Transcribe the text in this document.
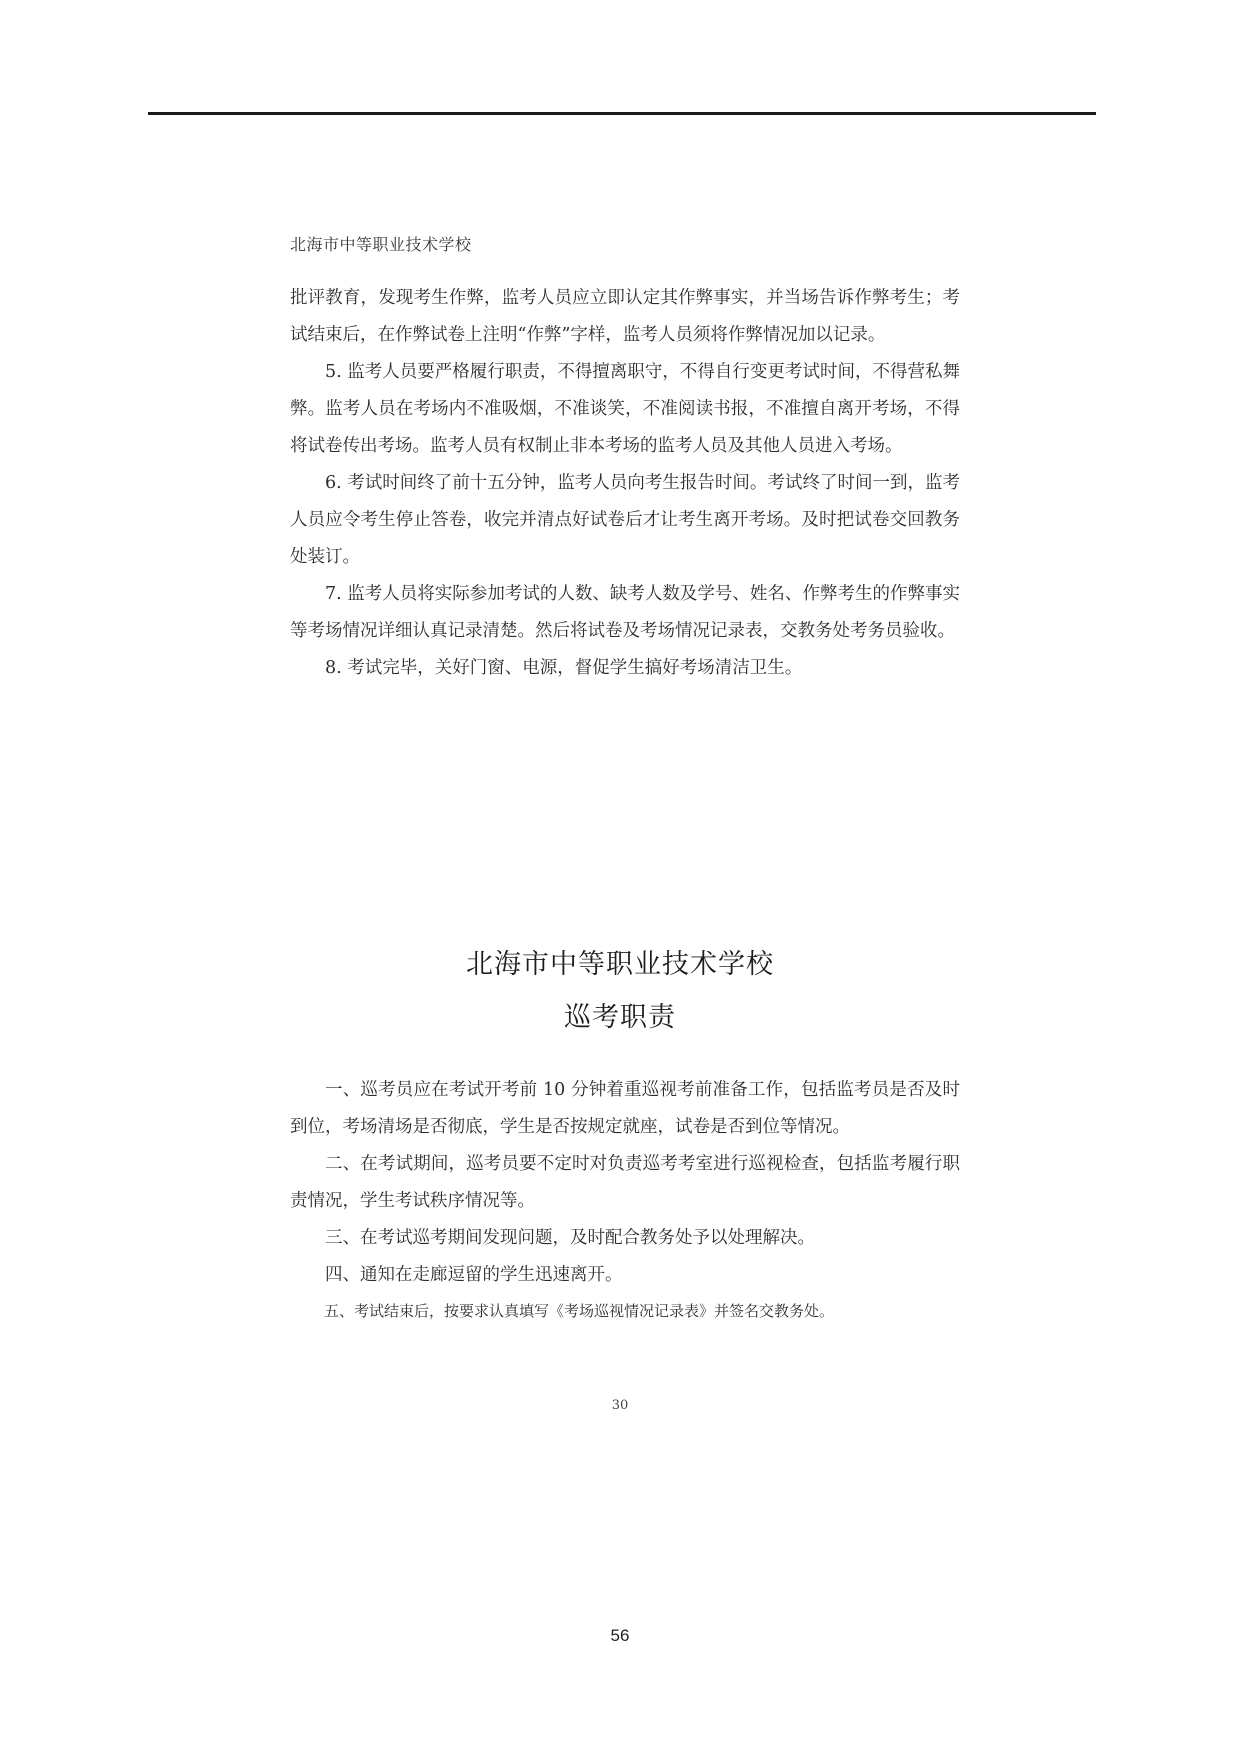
北海市中等职业技术学校

批评教育，发现考生作弊，监考人员应立即认定其作弊事实，并当场告诉作弊考生；考试结束后，在作弊试卷上注明“作弊”字样，监考人员须将作弊情况加以记录。

5. 监考人员要严格履行职责，不得擅离职守，不得自行变更考试时间，不得营私舞弊。监考人员在考场内不准吸烟，不准谈笑，不准阅读书报，不准擅自离开考场，不得将试卷传出考场。监考人员有权制止非本考场的监考人员及其他人员进入考场。

6. 考试时间终了前十五分钟，监考人员向考生报告时间。考试终了时间一到，监考人员应令考生停止答卷，收完并清点好试卷后才让考生离开考场。及时把试卷交回教务处装订。

7. 监考人员将实际参加考试的人数、缺考人数及学号、姓名、作弊考生的作弊事实等考场情况详细认真记录清楚。然后将试卷及考场情况记录表，交教务处考务员验收。

8. 考试完毕，关好门窗、电源，督促学生搞好考场清洁卫生。

北海市中等职业技术学校
巡考职责

一、巡考员应在考试开考前 10 分钟着重巡视考前准备工作，包括监考员是否及时到位，考场清场是否彻底，学生是否按规定就座，试卷是否到位等情况。

二、在考试期间，巡考员要不定时对负责巡考考室进行巡视检查，包括监考履行职责情况，学生考试秩序情况等。

三、在考试巡考期间发现问题，及时配合教务处予以处理解决。

四、通知在走廊逗留的学生迅速离开。

五、考试结束后，按要求认真填写《考场巡视情况记录表》并签名交教务处。

30
56
